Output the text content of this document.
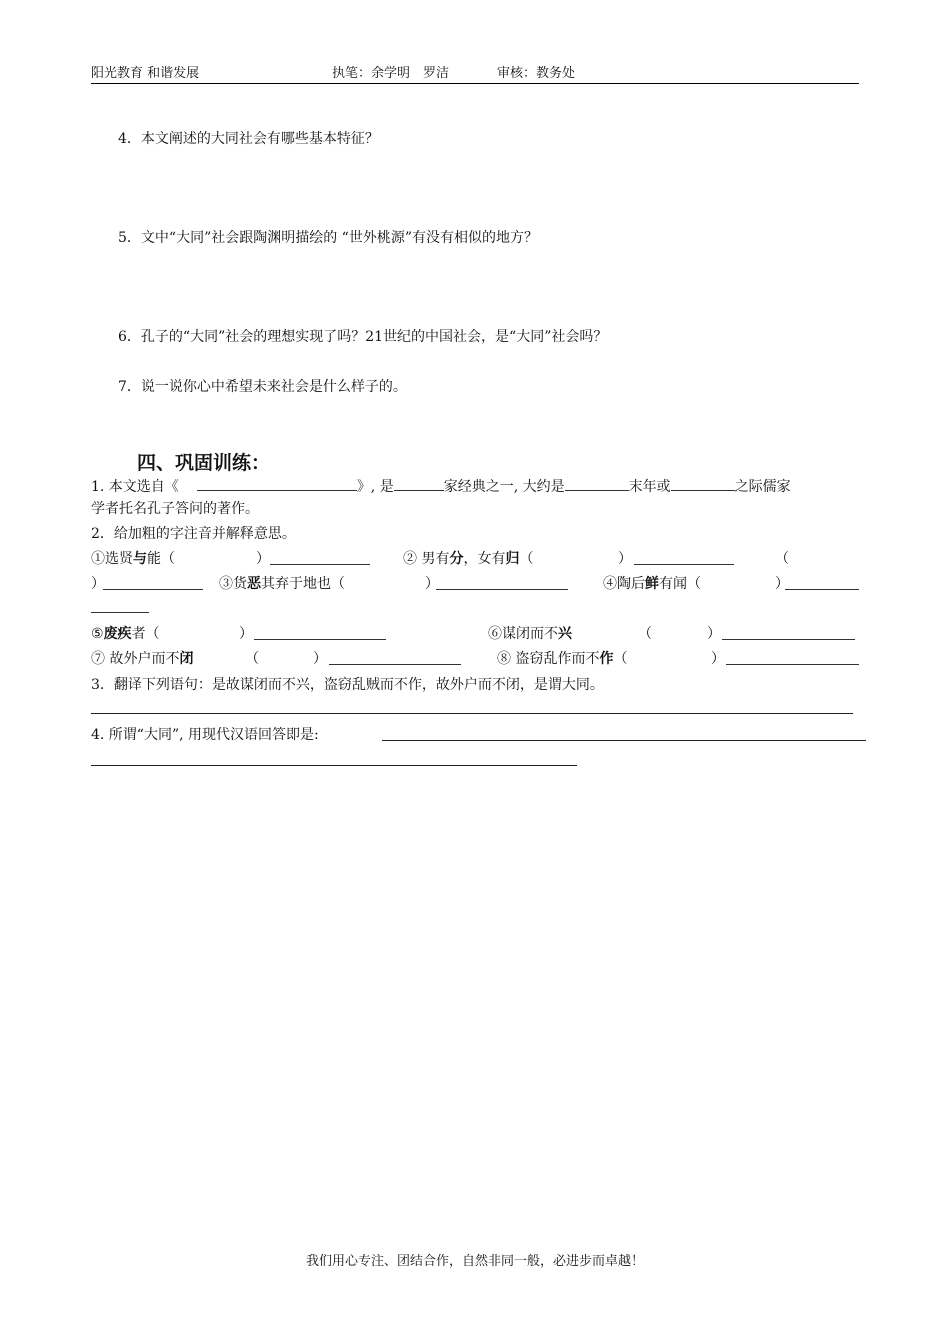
阳光教育 和谐发展	执笔：余学明　罗洁	审核：教务处
4．本文阐述的大同社会有哪些基本特征？
5．文中“大同”社会跟陶渊明描绘的 “世外桃源”有没有相似的地方？
6．孔子的“大同”社会的理想实现了吗？21世纪的中国社会，是“大同”社会吗？
7．说一说你心中希望未来社会是什么样子的。
四、巩固训练：
1. 本文选自《	》, 是	家经典之一, 大约是	末年或	之际儒家
学者托名孔子答问的著作。
2．给加粗的字注音并解释意思。
①选贤与能（	）	② 男有分，女有归（	）	（
）	③货恶其弃于地也（	）	④陶后鲜有闻（	）
⑤废疾者（	）	⑥谋闭而不兴	（	）
⑦ 故外户而不闭	（	）	⑧ 盗窃乱作而不作（	）
3．翻译下列语句：是故谋闭而不兴，盗窃乱贼而不作，故外户而不闭，是谓大同。
4. 所谓“大同”, 用现代汉语回答即是:
我们用心专注、团结合作，自然非同一般，必进步而卓越！
